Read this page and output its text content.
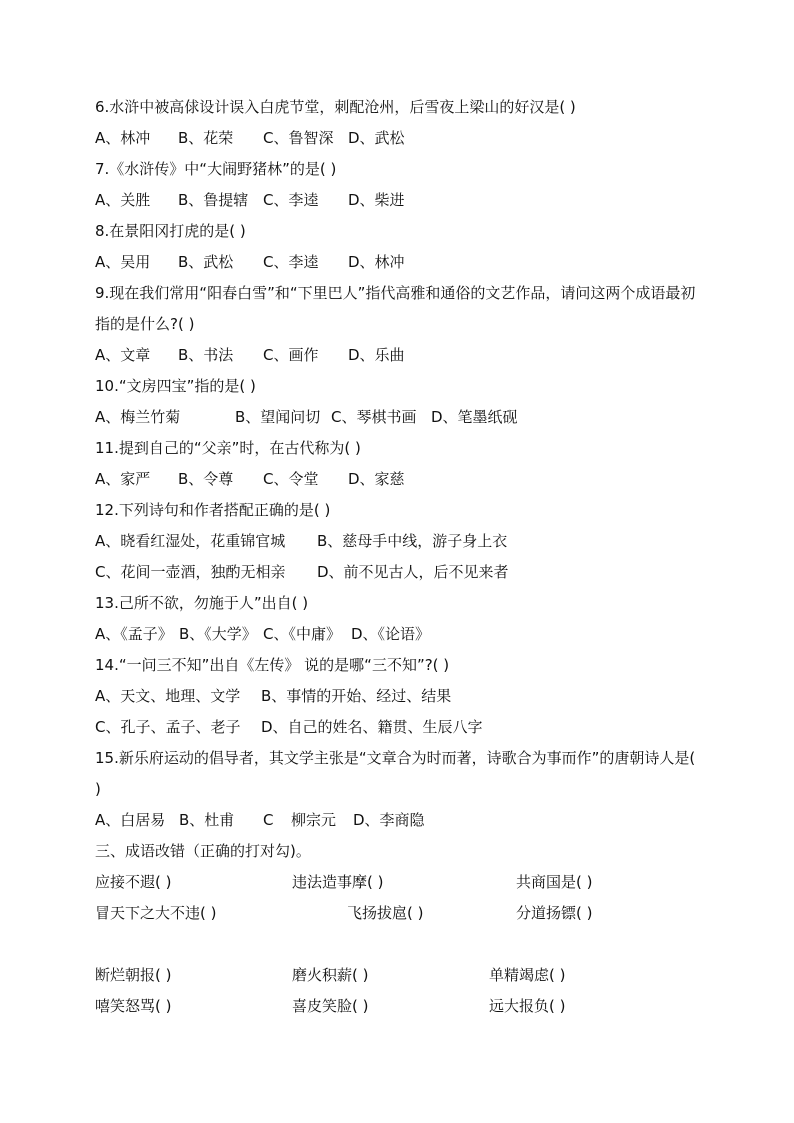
6.水浒中被高俅设计误入白虎节堂，刺配沧州，后雪夜上梁山的好汉是( )
A、林冲 B、花荣 C、鲁智深 D、武松
7.《水浒传》中“大闹野猪林”的是( )
A、关胜 B、鲁提辖 C、李逵 D、柴进
8.在景阳冈打虎的是( )
A、吴用 B、武松 C、李逵 D、林冲
9.现在我们常用“阳春白雪”和“下里巴人”指代高雅和通俗的文艺作品，请问这两个成语最初指的是什么?( )
A、文章 B、书法 C、画作 D、乐曲
10.“文房四宝”指的是( )
A、梅兰竹菊	B、望闻问切 C、琴棋书画 D、笔墨纸砚
11.提到自己的“父亲”时，在古代称为( )
A、家严 B、令尊 C、令堂 D、家慈
12.下列诗句和作者搭配正确的是( )
A、晓看红湿处，花重锦官城 B、慈母手中线，游子身上衣
C、花间一壶酒，独酌无相亲 D、前不见古人，后不见来者
13.己所不欲，勿施于人”出自( )
A、《孟子》 B、《大学》 C、《中庸》 D、《论语》
14.“一问三不知”出自《左传》 说的是哪“三不知”?( )
A、天文、地理、文学 B、事情的开始、经过、结果
C、孔子、孟子、老子 D、自己的姓名、籍贯、生辰八字
15.新乐府运动的倡导者，其文学主张是“文章合为时而著，诗歌合为事而作”的唐朝诗人是( )
A、白居易 B、杜甫 C 柳宗元 D、李商隐
三、成语改错（正确的打对勾)。
应接不遐( )	违法造事摩( )	共商国是( )
冒天下之大不违( )	飞扬拔扈( )	分道扬镖( )
断烂朝报( )	磨火积薪( )	单精竭虑( )
嘻笑怒骂( )	喜皮笑脸( )	远大报负( )
